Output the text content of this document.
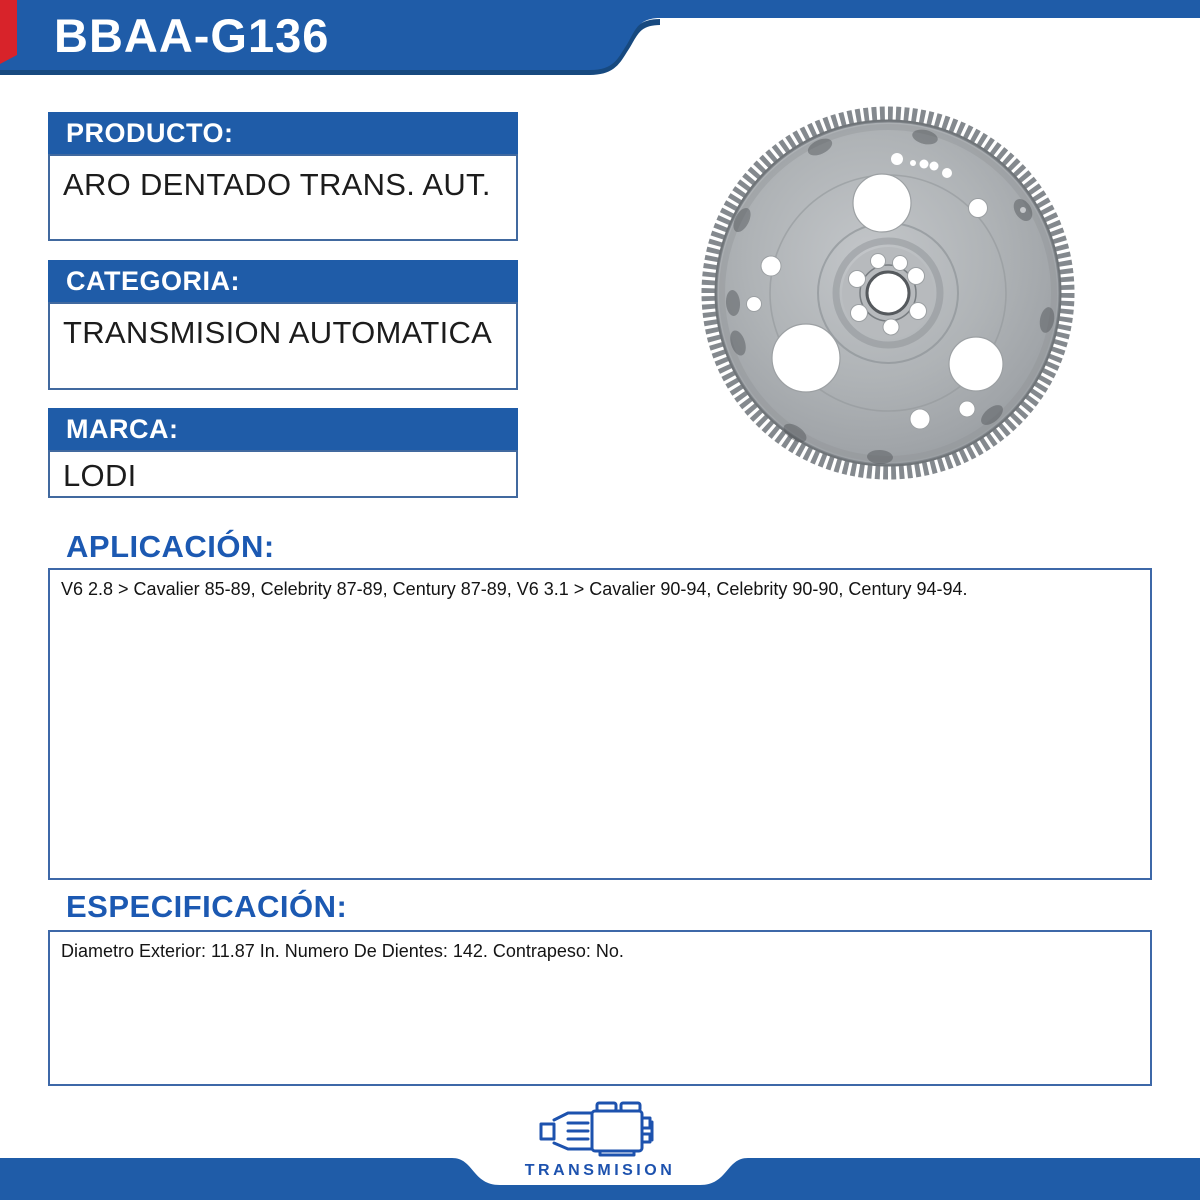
BBAA-G136
PRODUCTO:
ARO DENTADO TRANS. AUT.
CATEGORIA:
TRANSMISION AUTOMATICA
MARCA:
LODI
APLICACIÓN:
V6 2.8 > Cavalier 85-89, Celebrity 87-89, Century 87-89, V6 3.1 > Cavalier 90-94, Celebrity 90-90, Century 94-94.
ESPECIFICACIÓN:
Diametro Exterior: 11.87 In. Numero De Dientes: 142. Contrapeso: No.
TRANSMISION
